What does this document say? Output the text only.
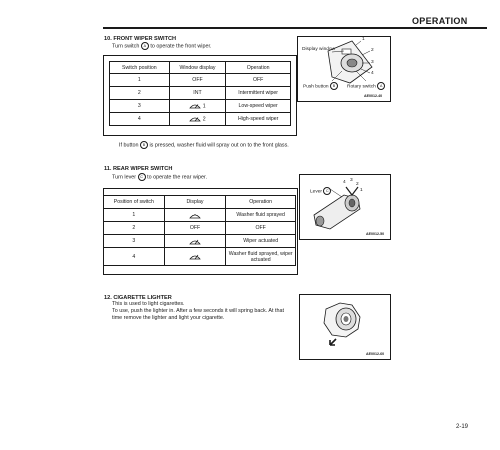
OPERATION
10. FRONT WIPER SWITCH
Turn switch A to operate the front wiper.
Switch position	Window display	Operation
1	OFF	OFF
2	INT	Intermittent wiper
3	1	Low-speed wiper
4	2	High-speed wiper
Display window
1
2
3
4
Push button B	Rotary switch A
AE0012-40
If button B is pressed, washer fluid will spray out on to the front glass.
11. REAR WIPER SWITCH
Turn lever C to operate the rear wiper.
Position of switch	Display	Operation
1		Washer fluid sprayed
2	OFF	OFF
3		Wiper actuated
4		Washer fluid sprayed, wiper actuated
Lever C	1
2
3
4
AE0012-50
12. CIGARETTE LIGHTER
This is used to light cigarettes.
To use, push the lighter in. After a few seconds it will spring back. At that
time remove the lighter and light your cigarette.
AE0012-60
2-19
